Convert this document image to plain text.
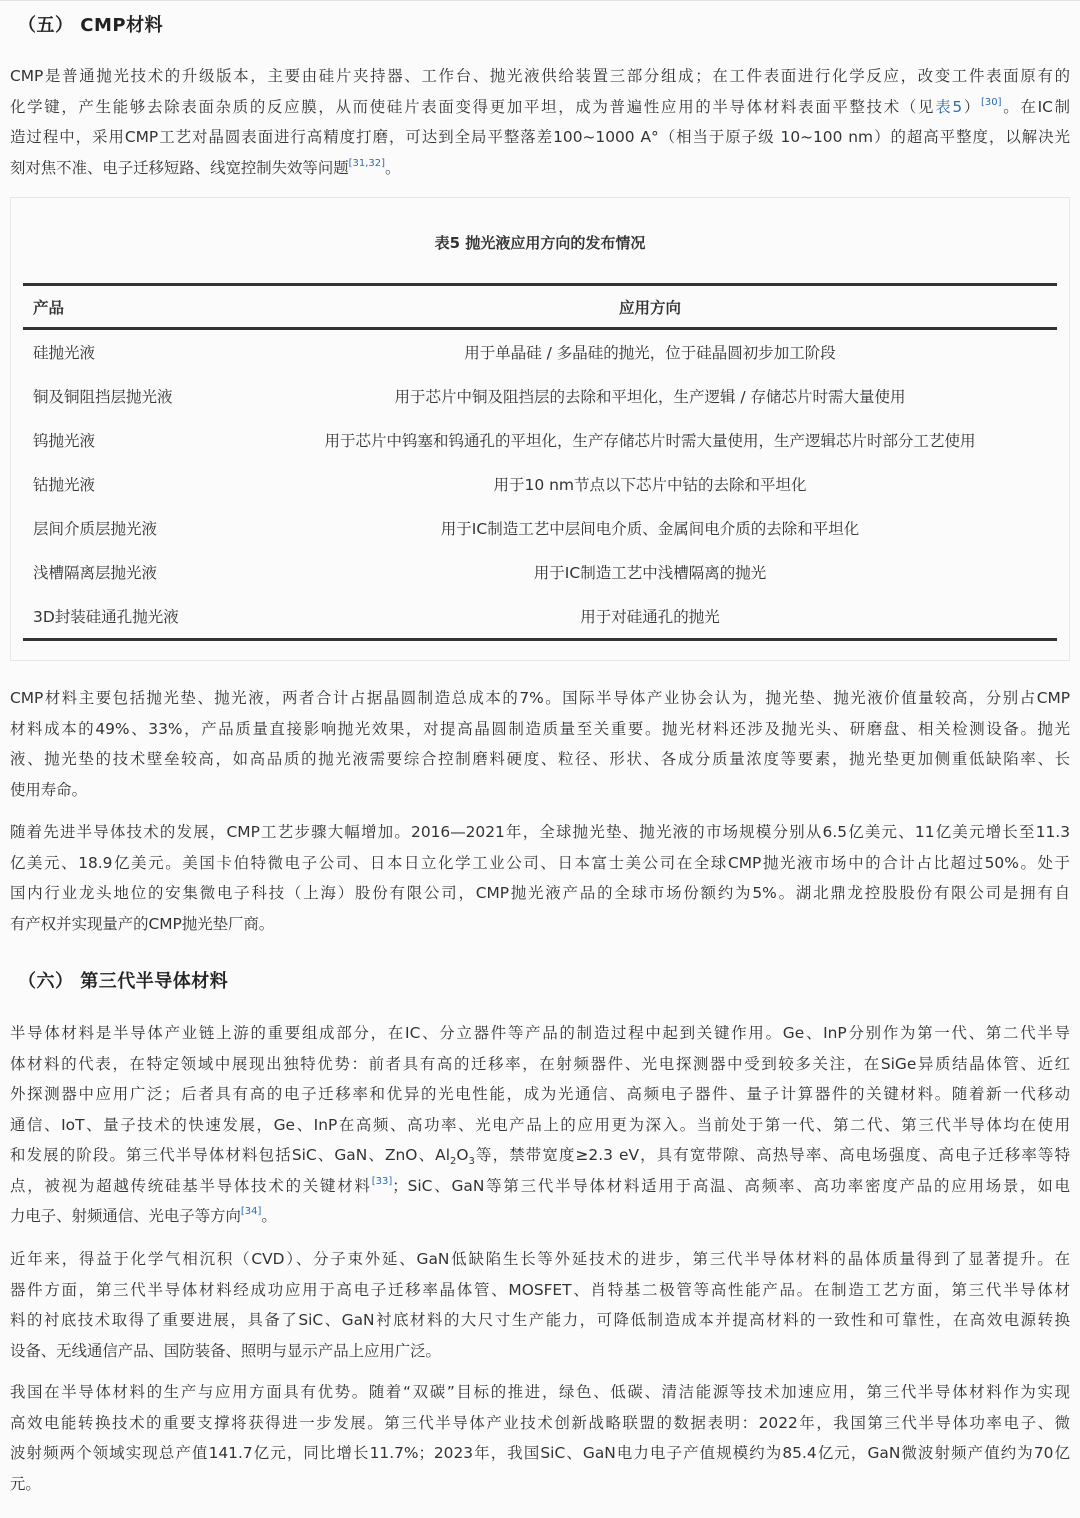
（五） CMP材料
CMP是普通抛光技术的升级版本，主要由硅片夹持器、工作台、抛光液供给装置三部分组成；在工件表面进行化学反应，改变工件表面原有的
化学键，产生能够去除表面杂质的反应膜，从而使硅片表面变得更加平坦，成为普遍性应用的半导体材料表面平整技术（见表5）[30]。在IC制
造过程中，采用CMP工艺对晶圆表面进行高精度打磨，可达到全局平整落差100~1000 A°（相当于原子级 10~100 nm）的超高平整度，以解决光
刻对焦不准、电子迁移短路、线宽控制失效等问题[31,32]。
表5 抛光液应用方向的发布情况
产品	应用方向
硅抛光液	用于单晶硅 / 多晶硅的抛光，位于硅晶圆初步加工阶段
铜及铜阻挡层抛光液	用于芯片中铜及阻挡层的去除和平坦化，生产逻辑 / 存储芯片时需大量使用
钨抛光液	用于芯片中钨塞和钨通孔的平坦化，生产存储芯片时需大量使用，生产逻辑芯片时部分工艺使用
钴抛光液	用于10 nm节点以下芯片中钴的去除和平坦化
层间介质层抛光液	用于IC制造工艺中层间电介质、金属间电介质的去除和平坦化
浅槽隔离层抛光液	用于IC制造工艺中浅槽隔离的抛光
3D封装硅通孔抛光液	用于对硅通孔的抛光
CMP材料主要包括抛光垫、抛光液，两者合计占据晶圆制造总成本的7%。国际半导体产业协会认为，抛光垫、抛光液价值量较高，分别占CMP
材料成本的49%、33%，产品质量直接影响抛光效果，对提高晶圆制造质量至关重要。抛光材料还涉及抛光头、研磨盘、相关检测设备。抛光
液、抛光垫的技术壁垒较高，如高品质的抛光液需要综合控制磨料硬度、粒径、形状、各成分质量浓度等要素，抛光垫更加侧重低缺陷率、长
使用寿命。
随着先进半导体技术的发展，CMP工艺步骤大幅增加。2016—2021年，全球抛光垫、抛光液的市场规模分别从6.5亿美元、11亿美元增长至11.3
亿美元、18.9亿美元。美国卡伯特微电子公司、日本日立化学工业公司、日本富士美公司在全球CMP抛光液市场中的合计占比超过50%。处于
国内行业龙头地位的安集微电子科技（上海）股份有限公司，CMP抛光液产品的全球市场份额约为5%。湖北鼎龙控股股份有限公司是拥有自
有产权并实现量产的CMP抛光垫厂商。
（六） 第三代半导体材料
半导体材料是半导体产业链上游的重要组成部分，在IC、分立器件等产品的制造过程中起到关键作用。Ge、InP分别作为第一代、第二代半导
体材料的代表，在特定领域中展现出独特优势：前者具有高的迁移率，在射频器件、光电探测器中受到较多关注，在SiGe异质结晶体管、近红
外探测器中应用广泛；后者具有高的电子迁移率和优异的光电性能，成为光通信、高频电子器件、量子计算器件的关键材料。随着新一代移动
通信、IoT、量子技术的快速发展，Ge、InP在高频、高功率、光电产品上的应用更为深入。当前处于第一代、第二代、第三代半导体均在使用
和发展的阶段。第三代半导体材料包括SiC、GaN、ZnO、$Al_2O_3$等，禁带宽度≥2.3 eV，具有宽带隙、高热导率、高电场强度、高电子迁移率等特
点，被视为超越传统硅基半导体技术的关键材料[33]；SiC、GaN等第三代半导体材料适用于高温、高频率、高功率密度产品的应用场景，如电
力电子、射频通信、光电子等方向[34]。
近年来，得益于化学气相沉积（CVD）、分子束外延、GaN低缺陷生长等外延技术的进步，第三代半导体材料的晶体质量得到了显著提升。在
器件方面，第三代半导体材料经成功应用于高电子迁移率晶体管、MOSFET、肖特基二极管等高性能产品。在制造工艺方面，第三代半导体材
料的衬底技术取得了重要进展，具备了SiC、GaN衬底材料的大尺寸生产能力，可降低制造成本并提高材料的一致性和可靠性，在高效电源转换
设备、无线通信产品、国防装备、照明与显示产品上应用广泛。
我国在半导体材料的生产与应用方面具有优势。随着“双碳”目标的推进，绿色、低碳、清洁能源等技术加速应用，第三代半导体材料作为实现
高效电能转换技术的重要支撑将获得进一步发展。第三代半导体产业技术创新战略联盟的数据表明：2022年，我国第三代半导体功率电子、微
波射频两个领域实现总产值141.7亿元，同比增长11.7%；2023年，我国SiC、GaN电力电子产值规模约为85.4亿元，GaN微波射频产值约为70亿
元。
